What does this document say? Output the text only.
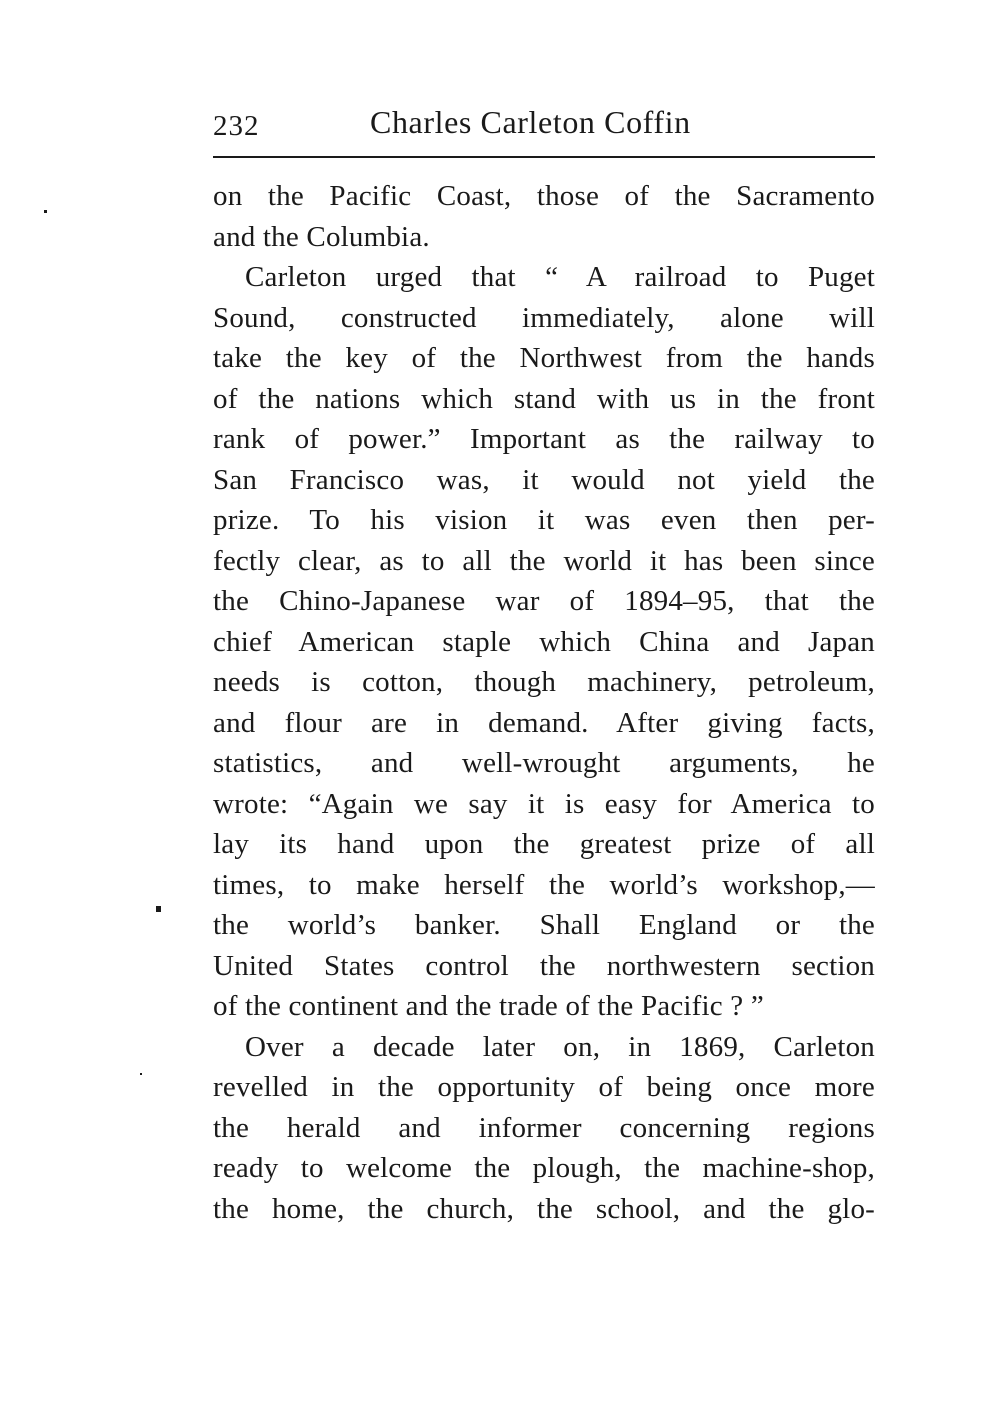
232	Charles Carleton Coffin
on the Pacific Coast, those of the Sacramento
and the Columbia.
Carleton urged that “ A railroad to Puget
Sound, constructed immediately, alone will
take the key of the Northwest from the hands
of the nations which stand with us in the front
rank of power.” Important as the railway to
San Francisco was, it would not yield the
prize. To his vision it was even then per-
fectly clear, as to all the world it has been since
the Chino-Japanese war of 1894–95, that the
chief American staple which China and Japan
needs is cotton, though machinery, petroleum,
and flour are in demand. After giving facts,
statistics, and well-wrought arguments, he
wrote: “Again we say it is easy for America to
lay its hand upon the greatest prize of all
times, to make herself the world’s workshop,—
the world’s banker. Shall England or the
United States control the northwestern section
of the continent and the trade of the Pacific ? ”
Over a decade later on, in 1869, Carleton
revelled in the opportunity of being once more
the herald and informer concerning regions
ready to welcome the plough, the machine-shop,
the home, the church, the school, and the glo-
